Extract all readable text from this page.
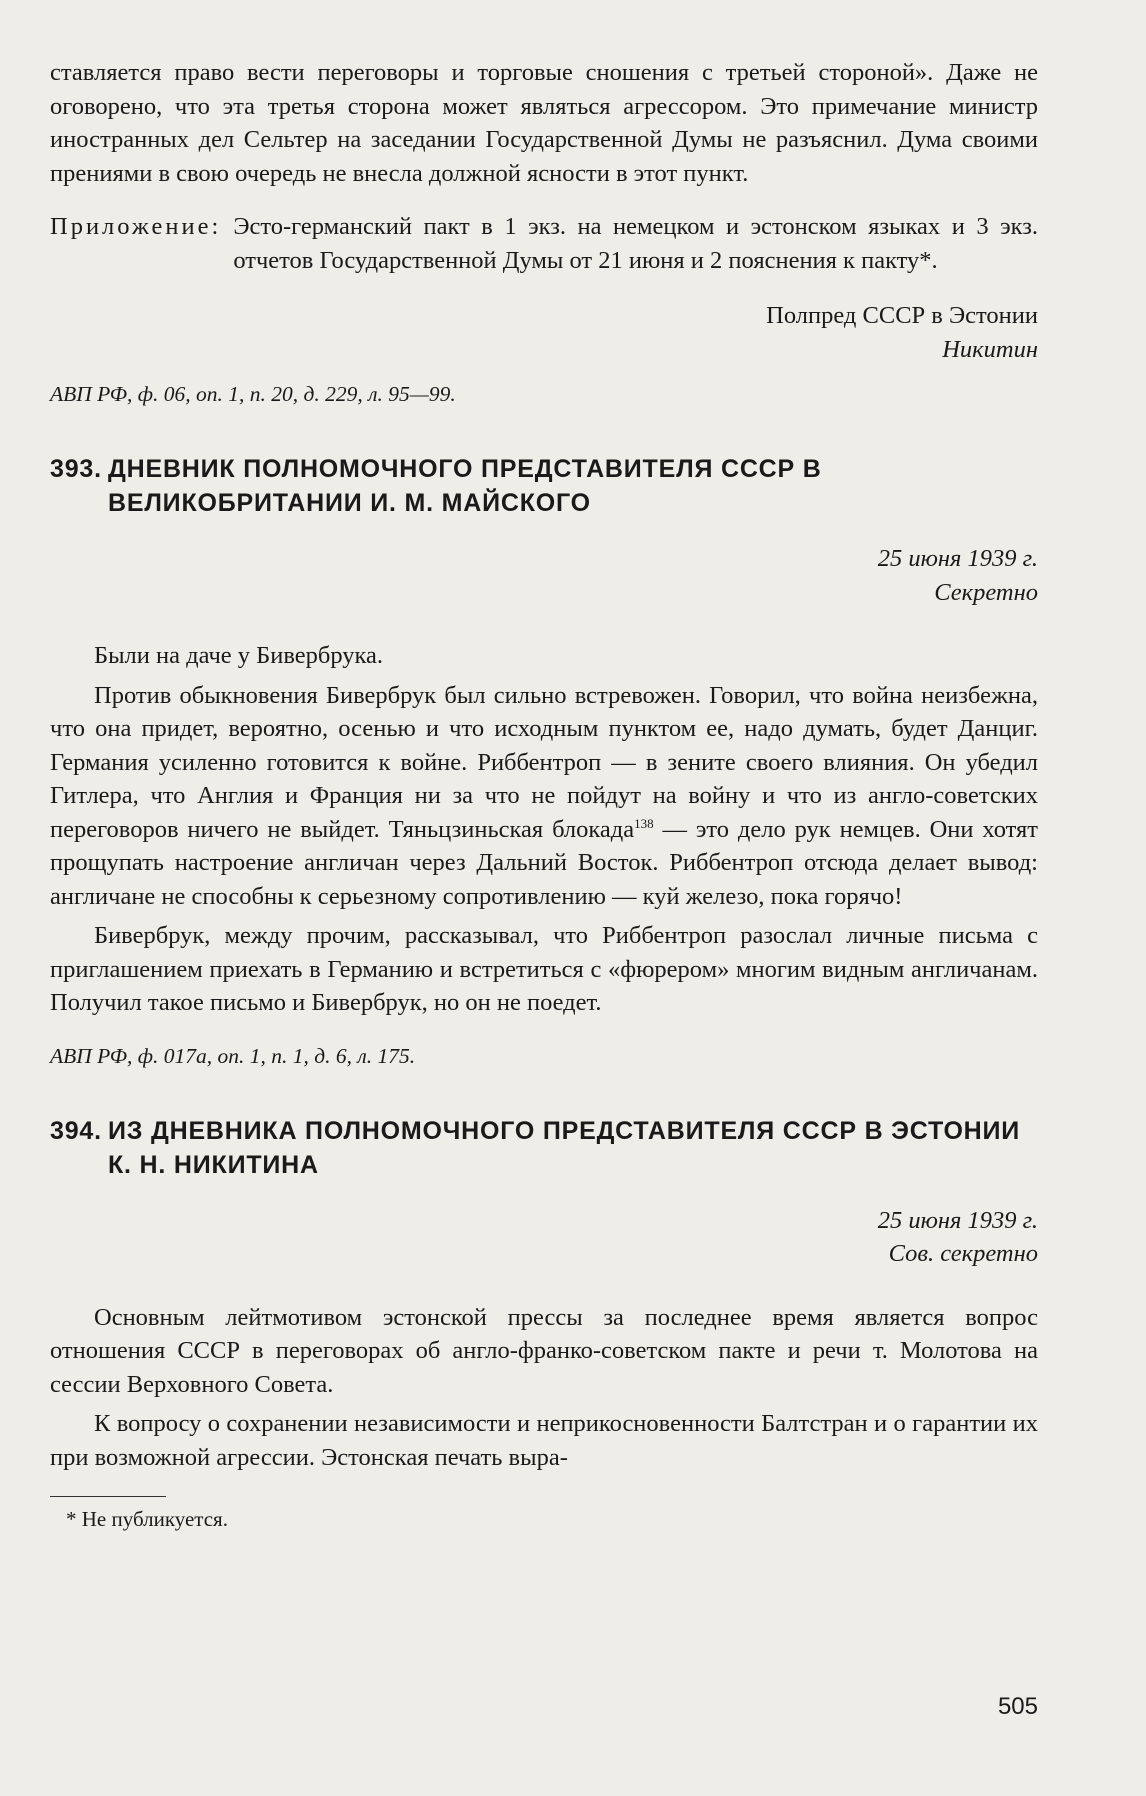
ставляется право вести переговоры и торговые сношения с третьей стороной». Даже не оговорено, что эта третья сторона может являться агрессором. Это примечание министр иностранных дел Сельтер на заседании Государственной Думы не разъяснил. Дума своими прениями в свою очередь не внесла должной ясности в этот пункт.

Приложение: Эсто-германский пакт в 1 экз. на немецком и эстонском языках и 3 экз. отчетов Государственной Думы от 21 июня и 2 пояснения к пакту*.

Полпред СССР в Эстонии

Никитин

АВП РФ, ф. 06, оп. 1, п. 20, д. 229, л. 95—99.

393. ДНЕВНИК ПОЛНОМОЧНОГО ПРЕДСТАВИТЕЛЯ СССР В ВЕЛИКОБРИТАНИИ И. М. МАЙСКОГО
25 июня 1939 г.
Секретно

Были на даче у Бивербрука.

Против обыкновения Бивербрук был сильно встревожен. Говорил, что война неизбежна, что она придет, вероятно, осенью и что исходным пунктом ее, надо думать, будет Данциг. Германия усиленно готовится к войне. Риббентроп — в зените своего влияния. Он убедил Гитлера, что Англия и Франция ни за что не пойдут на войну и что из англо-советских переговоров ничего не выйдет. Тяньцзиньская блокада$^{138}$ — это дело рук немцев. Они хотят прощупать настроение англичан через Дальний Восток. Риббентроп отсюда делает вывод: англичане не способны к серьезному сопротивлению — куй железо, пока горячо!

Бивербрук, между прочим, рассказывал, что Риббентроп разослал личные письма с приглашением приехать в Германию и встретиться с «фюрером» многим видным англичанам. Получил такое письмо и Бивербрук, но он не поедет.

АВП РФ, ф. 017а, оп. 1, п. 1, д. 6, л. 175.

394. ИЗ ДНЕВНИКА ПОЛНОМОЧНОГО ПРЕДСТАВИТЕЛЯ СССР В ЭСТОНИИ К. Н. НИКИТИНА
25 июня 1939 г.
Сов. секретно

Основным лейтмотивом эстонской прессы за последнее время является вопрос отношения СССР в переговорах об англо-франко-советском пакте и речи т. Молотова на сессии Верховного Совета.

К вопросу о сохранении независимости и неприкосновенности Балтстран и о гарантии их при возможной агрессии. Эстонская печать выра-

* Не публикуется.

505
